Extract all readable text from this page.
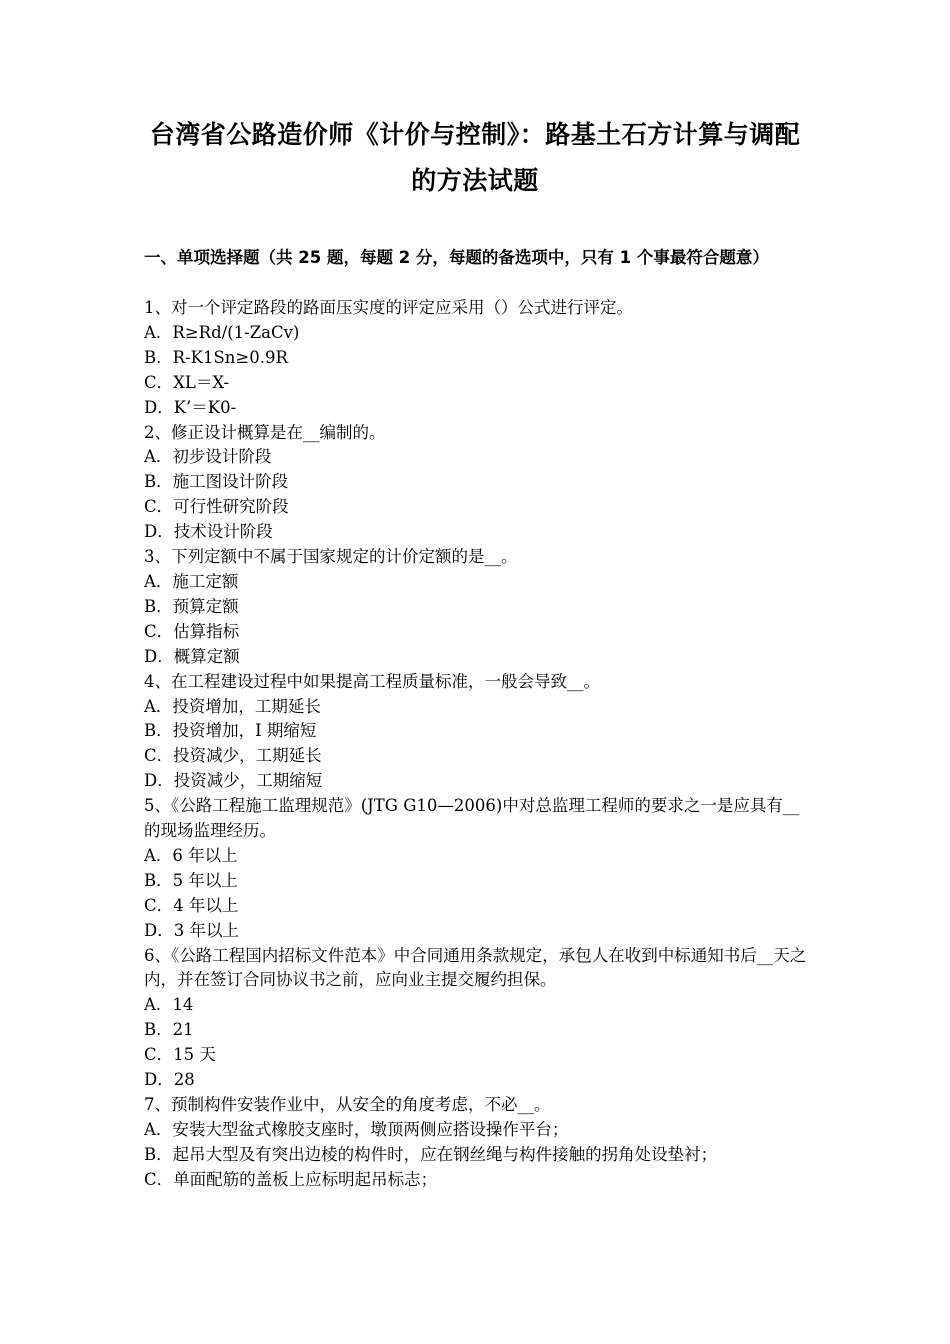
台湾省公路造价师《计价与控制》：路基土石方计算与调配
的方法试题
一、单项选择题（共 25 题，每题 2 分，每题的备选项中，只有 1 个事最符合题意）

1、对一个评定路段的路面压实度的评定应采用（）公式进行评定。

A．R≥Rd/(1-ZaCv)

B．R-K1Sn≥0.9R

C．XL＝X-

D．K’＝K0-

2、修正设计概算是在__编制的。

A．初步设计阶段

B．施工图设计阶段

C．可行性研究阶段

D．技术设计阶段

3、下列定额中不属于国家规定的计价定额的是__。

A．施工定额

B．预算定额

C．估算指标

D．概算定额

4、在工程建设过程中如果提高工程质量标准，一般会导致__。

A．投资增加，工期延长

B．投资增加，I 期缩短

C．投资减少，工期延长

D．投资减少，工期缩短

5、《公路工程施工监理规范》(JTG G10—2006)中对总监理工程师的要求之一是应具有__的现场监理经历。

A．6 年以上

B．5 年以上

C．4 年以上

D．3 年以上

6、《公路工程国内招标文件范本》中合同通用条款规定，承包人在收到中标通知书后__天之内，并在签订合同协议书之前，应向业主提交履约担保。

A．14

B．21

C．15 天

D．28

7、预制构件安装作业中，从安全的角度考虑，不必__。

A．安装大型盆式橡胶支座时，墩顶两侧应搭设操作平台；

B．起吊大型及有突出边棱的构件时，应在钢丝绳与构件接触的拐角处设垫衬；

C．单面配筋的盖板上应标明起吊标志；
